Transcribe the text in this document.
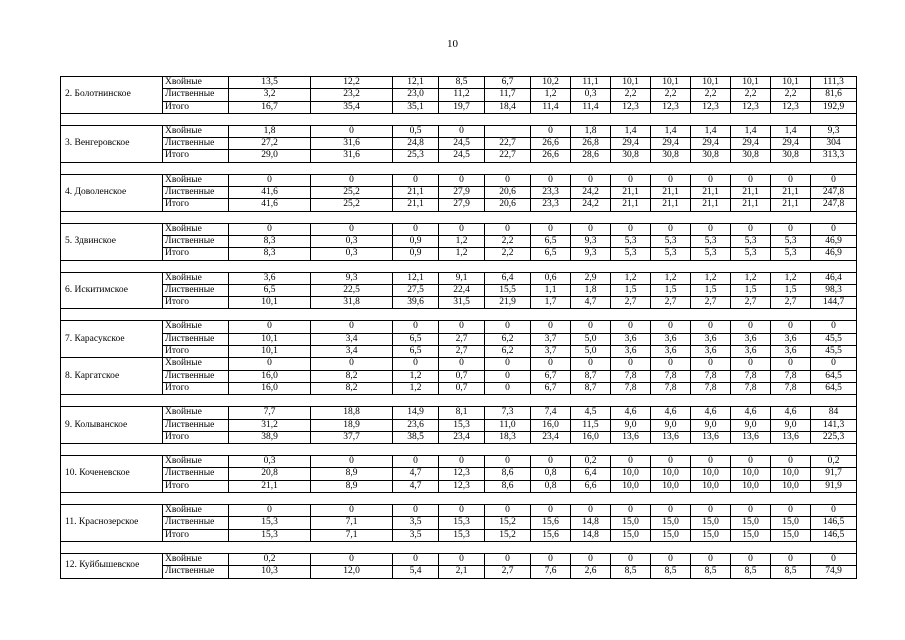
10
2. Болотнинское	Хвойные	13,5	12,2	12,1	8,5	6,7	10,2	11,1	10,1	10,1	10,1	10,1	10,1	111,3
	Лиственные	3,2	23,2	23,0	11,2	11,7	1,2	0,3	2,2	2,2	2,2	2,2	2,2	81,6
	Итого	16,7	35,4	35,1	19,7	18,4	11,4	11,4	12,3	12,3	12,3	12,3	12,3	192,9

3. Венгеровское	Хвойные	1,8	0	0,5	0		0	1,8	1,4	1,4	1,4	1,4	1,4	9,3
	Лиственные	27,2	31,6	24,8	24,5	22,7	26,6	26,8	29,4	29,4	29,4	29,4	29,4	304
	Итого	29,0	31,6	25,3	24,5	22,7	26,6	28,6	30,8	30,8	30,8	30,8	30,8	313,3

4. Доволенское	Хвойные	0	0	0	0	0	0	0	0	0	0	0	0	0
	Лиственные	41,6	25,2	21,1	27,9	20,6	23,3	24,2	21,1	21,1	21,1	21,1	21,1	247,8
	Итого	41,6	25,2	21,1	27,9	20,6	23,3	24,2	21,1	21,1	21,1	21,1	21,1	247,8

5. Здвинское	Хвойные	0	0	0	0	0	0	0	0	0	0	0	0	0
	Лиственные	8,3	0,3	0,9	1,2	2,2	6,5	9,3	5,3	5,3	5,3	5,3	5,3	46,9
	Итого	8,3	0,3	0,9	1,2	2,2	6,5	9,3	5,3	5,3	5,3	5,3	5,3	46,9

6. Искитимское	Хвойные	3,6	9,3	12,1	9,1	6,4	0,6	2,9	1,2	1,2	1,2	1,2	1,2	46,4
	Лиственные	6,5	22,5	27,5	22,4	15,5	1,1	1,8	1,5	1,5	1,5	1,5	1,5	98,3
	Итого	10,1	31,8	39,6	31,5	21,9	1,7	4,7	2,7	2,7	2,7	2,7	2,7	144,7

7. Карасукское	Хвойные	0	0	0	0	0	0	0	0	0	0	0	0	0
	Лиственные	10,1	3,4	6,5	2,7	6,2	3,7	5,0	3,6	3,6	3,6	3,6	3,6	45,5
	Итого	10,1	3,4	6,5	2,7	6,2	3,7	5,0	3,6	3,6	3,6	3,6	3,6	45,5
8. Каргатское	Хвойные	0	0	0	0	0	0	0	0	0	0	0	0	0
	Лиственные	16,0	8,2	1,2	0,7	0	6,7	8,7	7,8	7,8	7,8	7,8	7,8	64,5
	Итого	16,0	8,2	1,2	0,7	0	6,7	8,7	7,8	7,8	7,8	7,8	7,8	64,5

9. Колыванское	Хвойные	7,7	18,8	14,9	8,1	7,3	7,4	4,5	4,6	4,6	4,6	4,6	4,6	84
	Лиственные	31,2	18,9	23,6	15,3	11,0	16,0	11,5	9,0	9,0	9,0	9,0	9,0	141,3
	Итого	38,9	37,7	38,5	23,4	18,3	23,4	16,0	13,6	13,6	13,6	13,6	13,6	225,3

10. Коченевское	Хвойные	0,3	0	0	0	0	0	0,2	0	0	0	0	0	0,2
	Лиственные	20,8	8,9	4,7	12,3	8,6	0,8	6,4	10,0	10,0	10,0	10,0	10,0	91,7
	Итого	21,1	8,9	4,7	12,3	8,6	0,8	6,6	10,0	10,0	10,0	10,0	10,0	91,9

11. Краснозерское	Хвойные	0	0	0	0	0	0	0	0	0	0	0	0	0
	Лиственные	15,3	7,1	3,5	15,3	15,2	15,6	14,8	15,0	15,0	15,0	15,0	15,0	146,5
	Итого	15,3	7,1	3,5	15,3	15,2	15,6	14,8	15,0	15,0	15,0	15,0	15,0	146,5

12. Куйбышевское	Хвойные	0,2	0	0	0	0	0	0	0	0	0	0	0	0
	Лиственные	10,3	12,0	5,4	2,1	2,7	7,6	2,6	8,5	8,5	8,5	8,5	8,5	74,9
